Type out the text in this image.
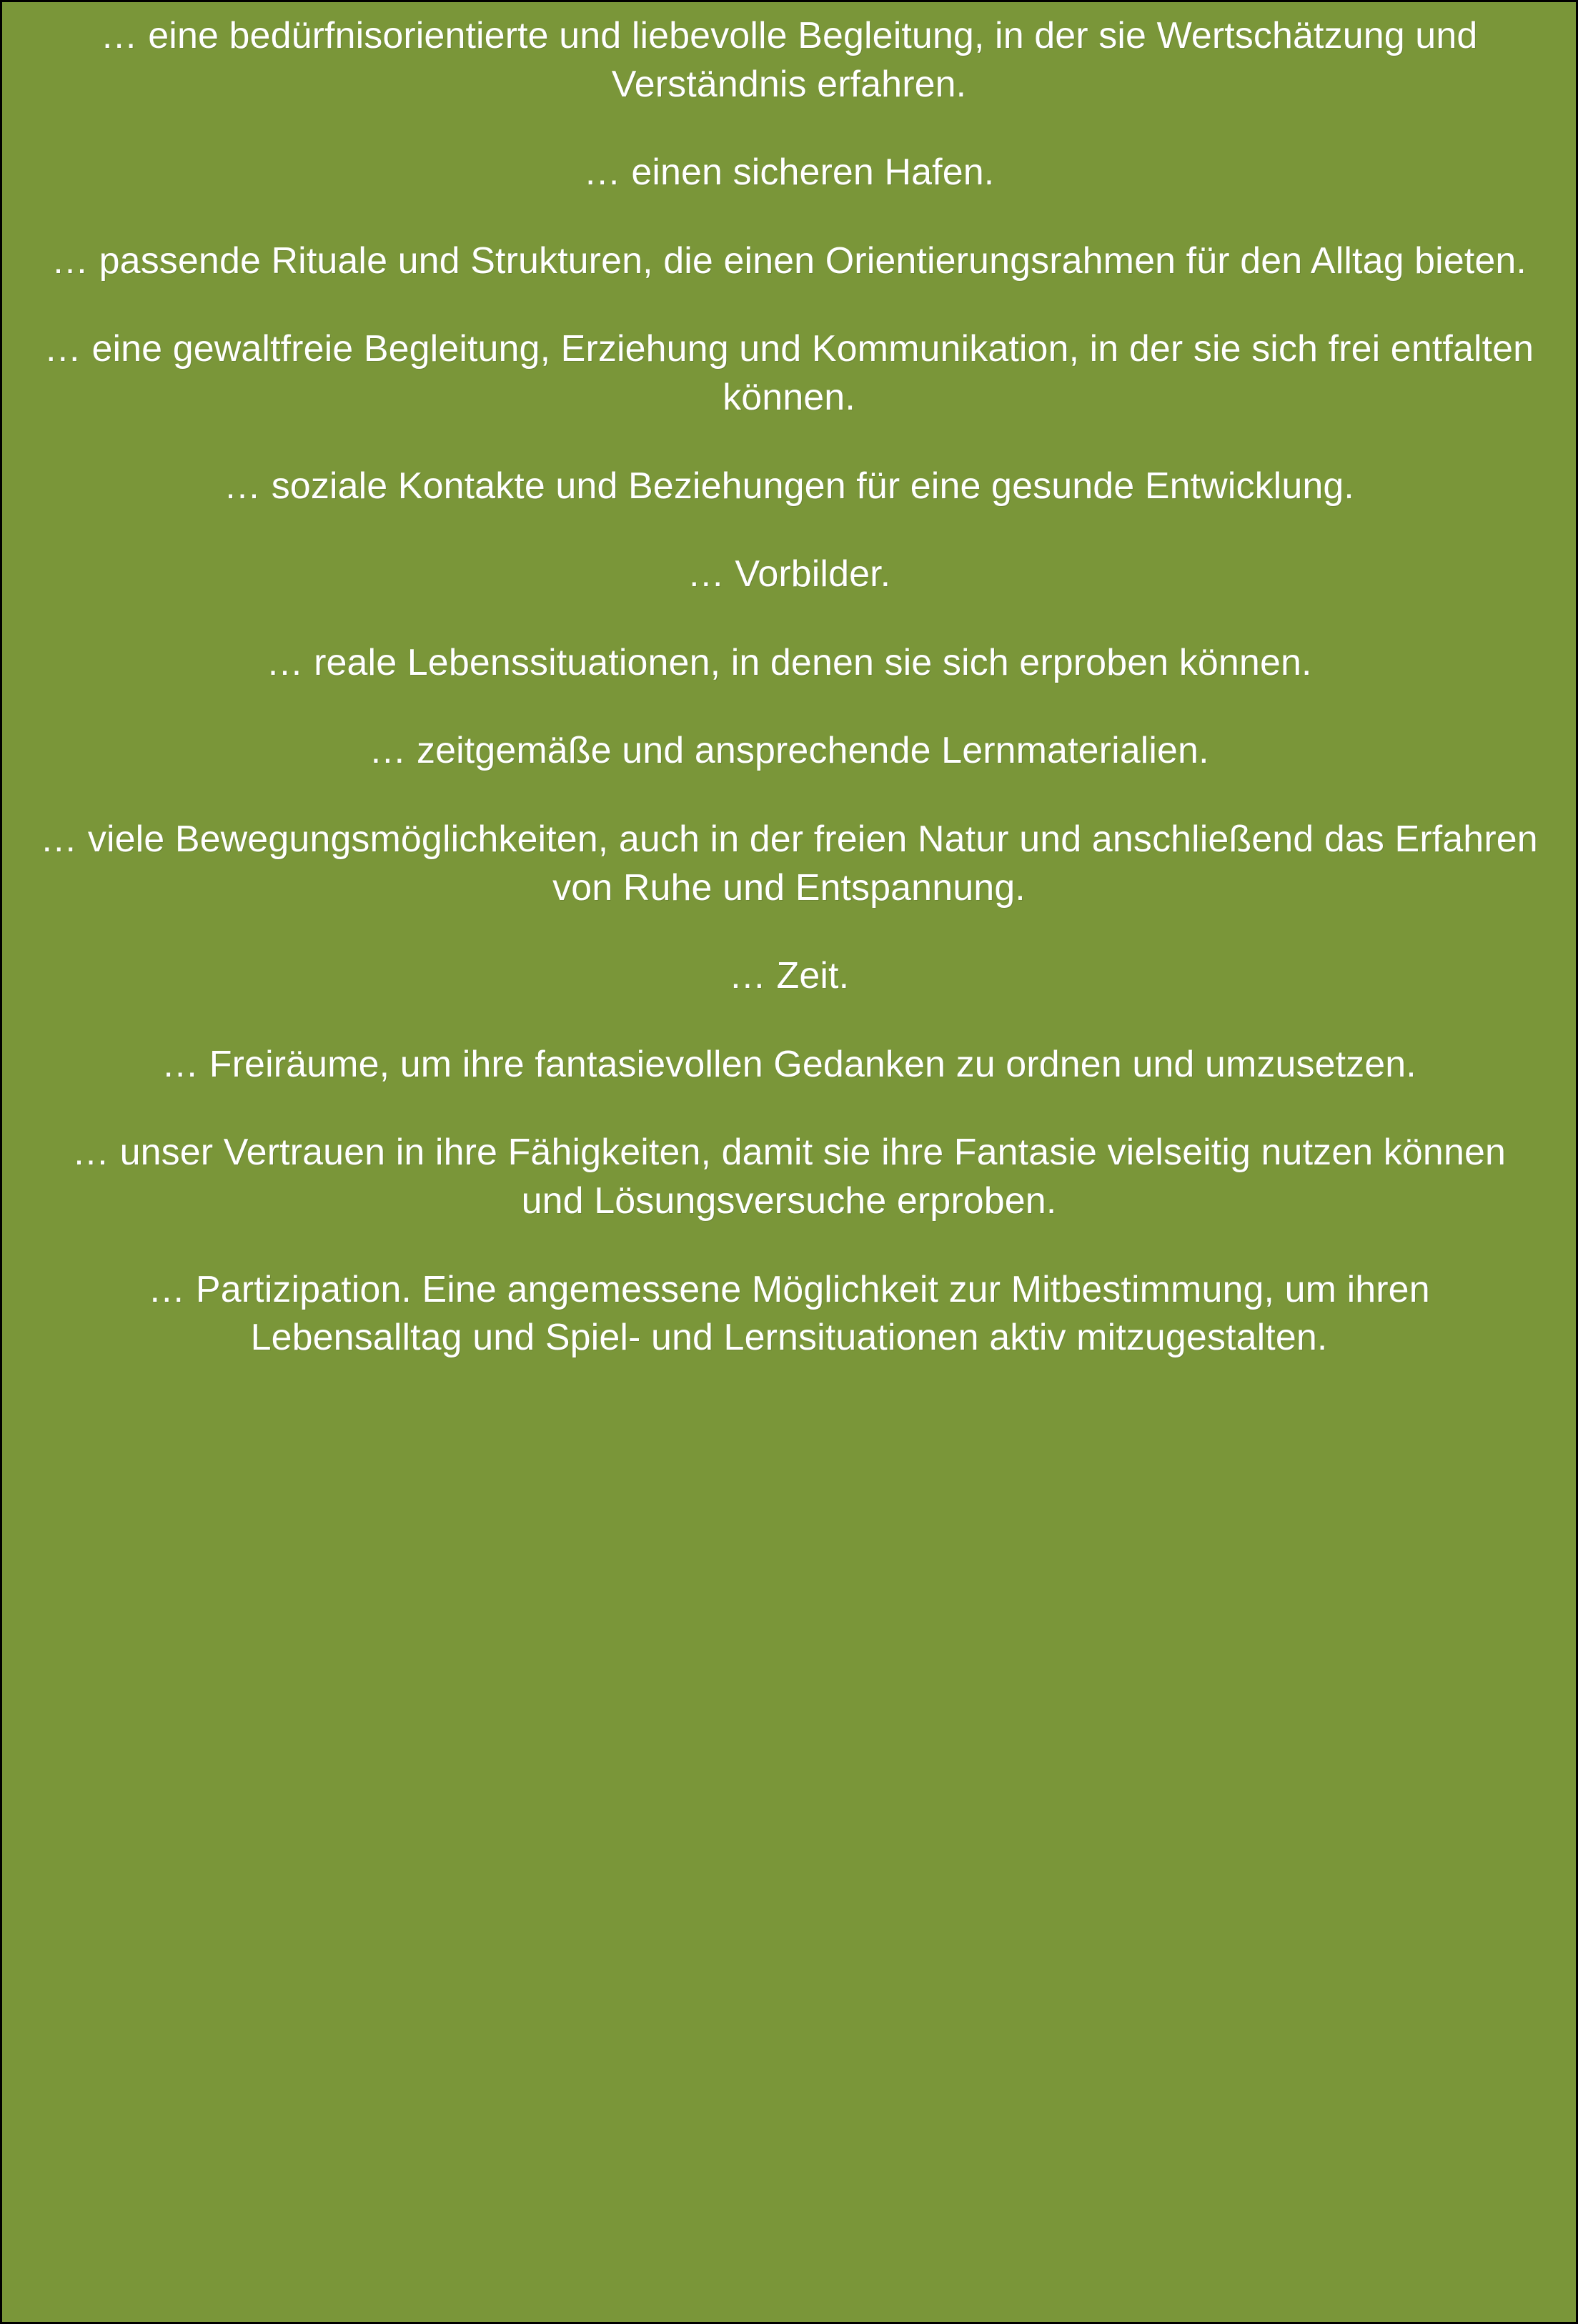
… eine bedürfnisorientierte und liebevolle Begleitung, in der sie Wertschätzung und Verständnis erfahren.

… einen sicheren Hafen.

… passende Rituale und Strukturen, die einen Orientierungsrahmen für den Alltag bieten.

… eine gewaltfreie Begleitung, Erziehung und Kommunikation, in der sie sich frei entfalten können.

… soziale Kontakte und Beziehungen für eine gesunde Entwicklung.

… Vorbilder.

… reale Lebenssituationen, in denen sie sich erproben können.

… zeitgemäße und ansprechende Lernmaterialien.

… viele Bewegungsmöglichkeiten, auch in der freien Natur und anschließend das Erfahren von Ruhe und Entspannung.

… Zeit.

… Freiräume, um ihre fantasievollen Gedanken zu ordnen und umzusetzen.

… unser Vertrauen in ihre Fähigkeiten, damit sie ihre Fantasie vielseitig nutzen können und Lösungsversuche erproben.

… Partizipation. Eine angemessene Möglichkeit zur Mitbestimmung, um ihren Lebensalltag und Spiel- und Lernsituationen aktiv mitzugestalten.
